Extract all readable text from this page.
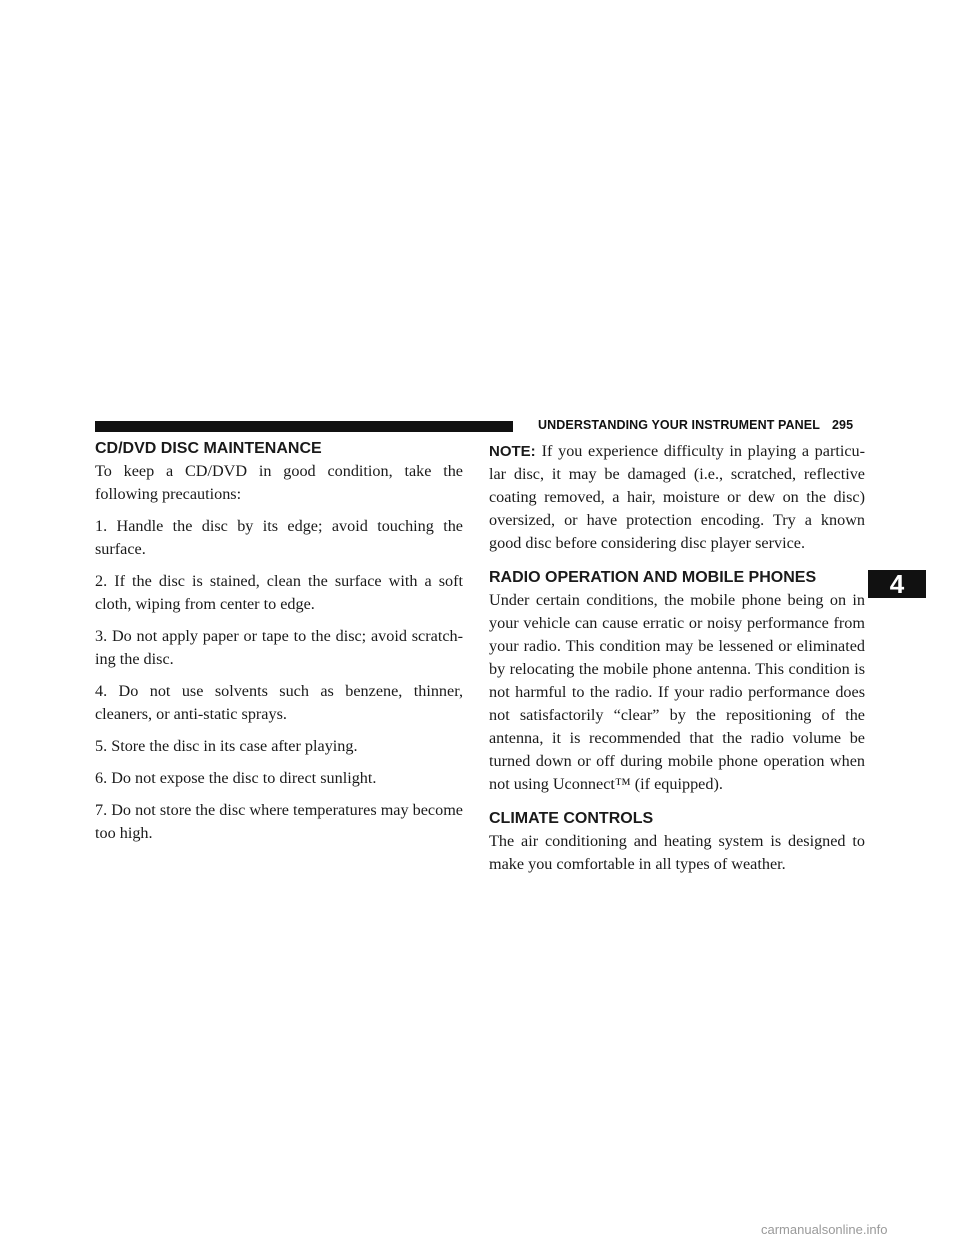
UNDERSTANDING YOUR INSTRUMENT PANEL 295
CD/DVD DISC MAINTENANCE

To keep a CD/DVD in good condition, take the following precautions:

1. Handle the disc by its edge; avoid touching the surface.

2. If the disc is stained, clean the surface with a soft cloth, wiping from center to edge.

3. Do not apply paper or tape to the disc; avoid scratch-ing the disc.

4. Do not use solvents such as benzene, thinner, cleaners, or anti-static sprays.

5. Store the disc in its case after playing.

6. Do not expose the disc to direct sunlight.

7. Do not store the disc where temperatures may become too high.

NOTE: If you experience difficulty in playing a particu-lar disc, it may be damaged (i.e., scratched, reflective coating removed, a hair, moisture or dew on the disc) oversized, or have protection encoding. Try a known good disc before considering disc player service.

RADIO OPERATION AND MOBILE PHONES

Under certain conditions, the mobile phone being on in your vehicle can cause erratic or noisy performance from your radio. This condition may be lessened or eliminated by relocating the mobile phone antenna. This condition is not harmful to the radio. If your radio performance does not satisfactorily “clear” by the repositioning of the antenna, it is recommended that the radio volume be turned down or off during mobile phone operation when not using Uconnect™ (if equipped).

CLIMATE CONTROLS

The air conditioning and heating system is designed to make you comfortable in all types of weather.

4
carmanualsonline.info
